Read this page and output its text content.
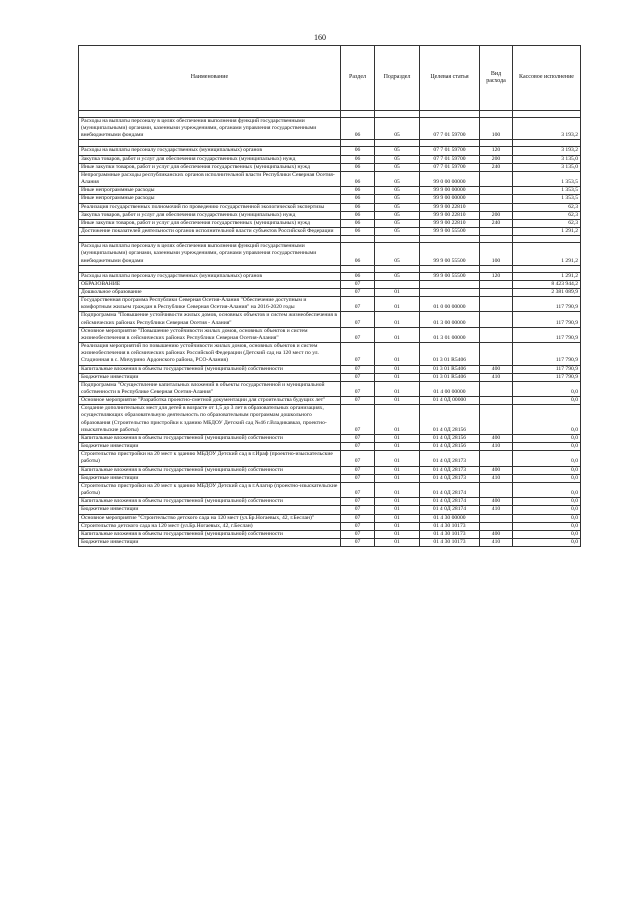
160
Наименование	Раздел	Подраздел	Целевая статья	Вид расхода	Кассовое исполнение

Расходы на выплаты персоналу в целях обеспечения выполнения функций государственными (муниципальными) органами, казенными учреждениями, органами управления государственными внебюджетными фондами	06	05	07 7 01 59700	100	3 193,2

Расходы на выплаты персоналу государственных (муниципальных) органов	06	05	07 7 01 59700	120	3 193,2
Закупка товаров, работ и услуг для обеспечения государственных (муниципальных) нужд	06	05	07 7 01 59700	200	3 135,0
Иные закупки товаров, работ и услуг для обеспечения государственных (муниципальных) нужд	06	05	07 7 01 59700	240	3 135,0
Непрограммные расходы республиканских органов исполнительной власти Республики Северная Осетия-Алания	06	05	99 0 00 00000		1 353,5
Иные непрограммные расходы	06	05	99 9 00 00000		1 353,5
Иные непрограммные расходы	06	05	99 9 00 00000		1 353,5
Реализация государственных полномочий по проведению государственной экологической экспертизы	06	05	99 9 00 22810		62,3
Закупка товаров, работ и услуг для обеспечения государственных (муниципальных) нужд	06	05	99 9 00 22810	200	62,3
Иные закупки товаров, работ и услуг для обеспечения государственных (муниципальных) нужд	06	05	99 9 00 22810	240	62,3
Достижение показателей деятельности органов исполнительной власти субъектов Российской Федерации	06	05	99 9 00 55500		1 291,2

Расходы на выплаты персоналу в целях обеспечения выполнения функций государственными (муниципальными) органами, казенными учреждениями, органами управления государственными внебюджетными фондами	06	05	99 9 00 55500	100	1 291,2

Расходы на выплаты персоналу государственных (муниципальных) органов	06	05	99 9 00 55500	120	1 291,2
ОБРАЗОВАНИЕ	07				8 423 944,2
Дошкольное образование	07	01			2 381 089,9
Государственная программа Республики Северная Осетия-Алания "Обеспечение доступным и комфортным жильем граждан в Республике Северная Осетия-Алания" на 2016-2020 годы	07	01	01 0 00 00000		117 790,9
Подпрограмма "Повышение устойчивости жилых домов, основных объектов и систем жизнеобеспечения в сейсмических районах Республики Северная Осетия - Алания"	07	01	01 3 00 00000		117 790,9
Основное мероприятие "Повышение устойчивости жилых домов, основных объектов и систем жизнеобеспечения в сейсмических районах Республики Северная Осетия-Алания"	07	01	01 3 01 00000		117 790,9
Реализация мероприятий по повышению устойчивости жилых домов, основных объектов и систем жизнеобеспечения в сейсмических районах Российской Федерации (Детский сад на 120 мест по ул. Стадионная в с. Мичурино Ардонского района, РСО-Алания)	07	01	01 3 01 R5406		117 790,9
Капитальные вложения в объекты государственной (муниципальной) собственности	07	01	01 3 01 R5406	400	117 790,9
Бюджетные инвестиции	07	01	01 3 01 R5406	410	117 790,9
Подпрограмма "Осуществление капитальных вложений в объекты государственной и муниципальной собственности в Республике Северная Осетия-Алания"	07	01	01 4 00 00000		0,0
Основное мероприятие "Разработка проектно-сметной документации для строительства будущих лет"	07	01	01 4 0Д 00000		0,0
Создание дополнительных мест для детей в возрасте от 1,5 до 3 лет в образовательных организациях, осуществляющих образовательную деятельность по образовательным программам дошкольного образования (Строительство пристройки к зданию МБДОУ Детский сад №46 г.Владикавказ, проектно-изыскательские работы)	07	01	01 4 0Д 28156		0,0
Капитальные вложения в объекты государственной (муниципальной) собственности	07	01	01 4 0Д 28156	400	0,0
Бюджетные инвестиции	07	01	01 4 0Д 28156	410	0,0
Строительство пристройки на 20 мест к зданию МБДОУ Детский сад в г.Ираф (проектно-изыскательские работы)	07	01	01 4 0Д 28173		0,0
Капитальные вложения в объекты государственной (муниципальной) собственности	07	01	01 4 0Д 28173	400	0,0
Бюджетные инвестиции	07	01	01 4 0Д 28173	410	0,0
Строительство пристройки на 20 мест к зданию МБДОУ Детский сад в г.Алагир (проектно-изыскательские работы)	07	01	01 4 0Д 28174		0,0
Капитальные вложения в объекты государственной (муниципальной) собственности	07	01	01 4 0Д 28174	400	0,0
Бюджетные инвестиции	07	01	01 4 0Д 28174	410	0,0
Основное мероприятие "Строительство детского сада на 120 мест (ул.Бр.Ногаевых, 42, г.Беслан)"	07	01	01 4 30 00000		0,0
Строительство детского сада на 120 мест (ул.Бр.Ногаевых, 42, г.Беслан)	07	01	01 4 30 10173		0,0
Капитальные вложения в объекты государственной (муниципальной) собственности	07	01	01 4 30 10173	400	0,0
Бюджетные инвестиции	07	01	01 4 30 10173	410	0,0
